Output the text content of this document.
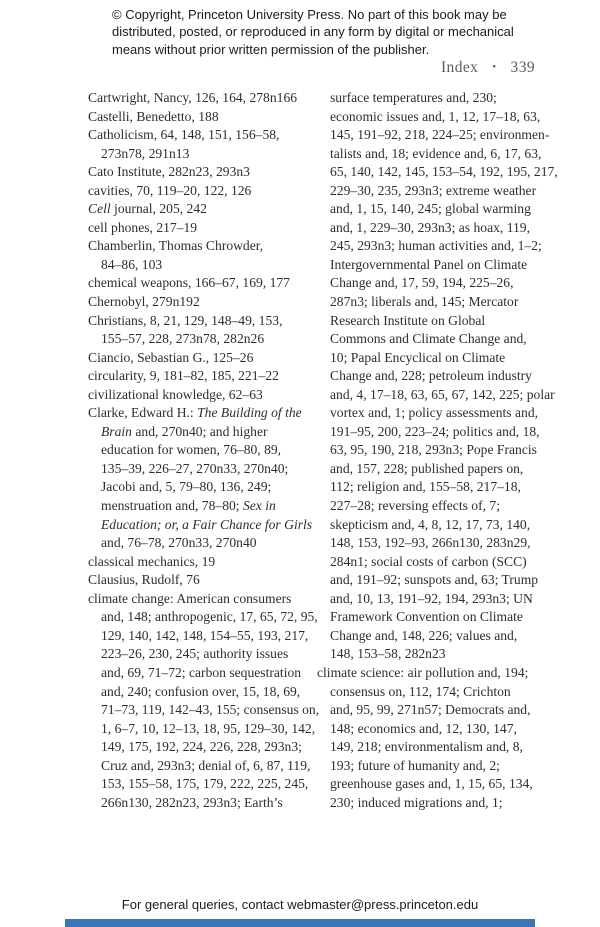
© Copyright, Princeton University Press. No part of this book may be
distributed, posted, or reproduced in any form by digital or mechanical
means without prior written permission of the publisher.
Index • 339
Cartwright, Nancy, 126, 164, 278n166
Castelli, Benedetto, 188
Catholicism, 64, 148, 151, 156–58,
273n78, 291n13
Cato Institute, 282n23, 293n3
cavities, 70, 119–20, 122, 126
Cell journal, 205, 242
cell phones, 217–19
Chamberlin, Thomas Chrowder,
84–86, 103
chemical weapons, 166–67, 169, 177
Chernobyl, 279n192
Christians, 8, 21, 129, 148–49, 153,
155–57, 228, 273n78, 282n26
Ciancio, Sebastian G., 125–26
circularity, 9, 181–82, 185, 221–22
civilizational knowledge, 62–63
Clarke, Edward H.: The Building of the
Brain and, 270n40; and higher
education for women, 76–80, 89,
135–39, 226–27, 270n33, 270n40;
Jacobi and, 5, 79–80, 136, 249;
menstruation and, 78–80; Sex in
Education; or, a Fair Chance for Girls
and, 76–78, 270n33, 270n40
classical mechanics, 19
Clausius, Rudolf, 76
climate change: American consumers
and, 148; anthropogenic, 17, 65, 72, 95,
129, 140, 142, 148, 154–55, 193, 217,
223–26, 230, 245; authority issues
and, 69, 71–72; carbon sequestration
and, 240; confusion over, 15, 18, 69,
71–73, 119, 142–43, 155; consensus on,
1, 6–7, 10, 12–13, 18, 95, 129–30, 142,
149, 175, 192, 224, 226, 228, 293n3;
Cruz and, 293n3; denial of, 6, 87, 119,
153, 155–58, 175, 179, 222, 225, 245,
266n130, 282n23, 293n3; Earth’s
surface temperatures and, 230;
economic issues and, 1, 12, 17–18, 63,
145, 191–92, 218, 224–25; environmen-
talists and, 18; evidence and, 6, 17, 63,
65, 140, 142, 145, 153–54, 192, 195, 217,
229–30, 235, 293n3; extreme weather
and, 1, 15, 140, 245; global warming
and, 1, 229–30, 293n3; as hoax, 119,
245, 293n3; human activities and, 1–2;
Intergovernmental Panel on Climate
Change and, 17, 59, 194, 225–26,
287n3; liberals and, 145; Mercator
Research Institute on Global
Commons and Climate Change and,
10; Papal Encyclical on Climate
Change and, 228; petroleum industry
and, 4, 17–18, 63, 65, 67, 142, 225; polar
vortex and, 1; policy assessments and,
191–95, 200, 223–24; politics and, 18,
63, 95, 190, 218, 293n3; Pope Francis
and, 157, 228; published papers on,
112; religion and, 155–58, 217–18,
227–28; reversing effects of, 7;
skepticism and, 4, 8, 12, 17, 73, 140,
148, 153, 192–93, 266n130, 283n29,
284n1; social costs of carbon (SCC)
and, 191–92; sunspots and, 63; Trump
and, 10, 13, 191–92, 194, 293n3; UN
Framework Convention on Climate
Change and, 148, 226; values and,
148, 153–58, 282n23
climate science: air pollution and, 194;
consensus on, 112, 174; Crichton
and, 95, 99, 271n57; Democrats and,
148; economics and, 12, 130, 147,
149, 218; environmentalism and, 8,
193; future of humanity and, 2;
greenhouse gases and, 1, 15, 65, 134,
230; induced migrations and, 1;
For general queries, contact webmaster@press.princeton.edu
